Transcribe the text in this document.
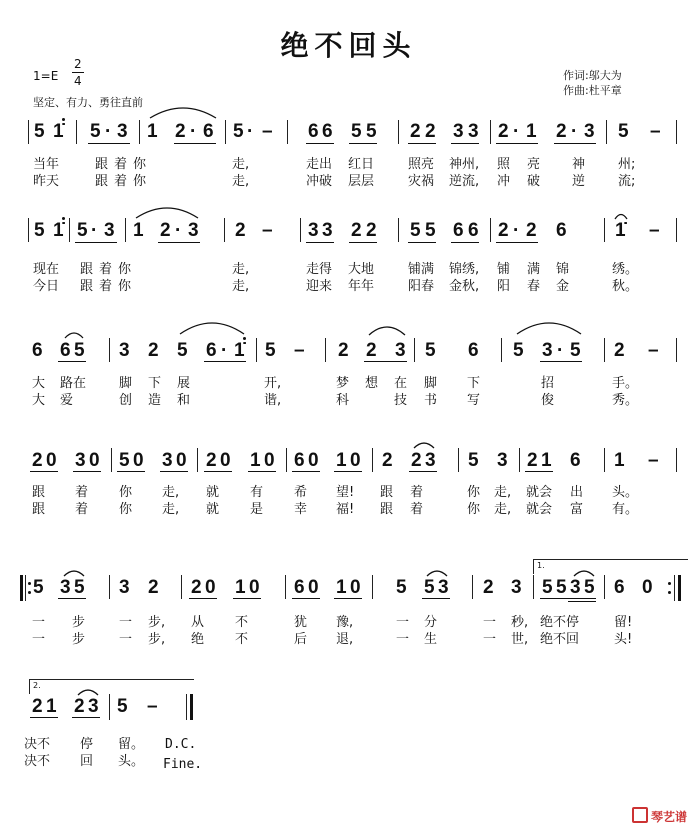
绝不回头
1=E
2
4
坚定、有力、勇往直前
作词:邬大为
作曲:杜平章
5 1̇ 5 · 3 1 2 · 6 5 · – 6 6 5 5 2 2 3 3 2 · 1 2 · 3 5 –
当年	跟着你	走,	走出 红日	照亮 神州, 照 亮 神	州;
昨天	跟着你	走,	冲破 层层	灾祸 逆流, 冲 破 逆	流;
5 1̇ 5 · 3 1 2 · 3 2 – 3 3 2 2 5 5 6 6 2 · 2 6	1̇ –
现在 跟着你	走,	走得 大地	铺满 锦绣, 铺 满 锦	绣。
今日 跟着你	走,	迎来 年年	阳春 金秋, 阳 春 金	秋。
6 6 5 3 2 5 6 · 1̇ 5 – 2 2 3 5 6 5 3 · 5 2 –
大 路在	脚 下 展	开,	梦 想 在 脚 下	招	手。
大 爱	创 造 和	谐,	科	技 书 写	俊	秀。
2 0 3 0 5 0 3 0 2 0 1 0 6 0 1 0 2 2 3 5 3 2 1 6 1 –
跟 着 你 走, 就 有 希 望! 跟 着	你 走, 就会 出 头。
跟 着 你 走, 就 是 幸 福! 跟 着	你 走, 就会 富 有。
1.
5 3 5 3 2 2 0 1 0 6 0 1 0 5 5 3 2 3 5 5 3 5 6 0
一 步	一 步, 从 不	犹 豫,	一 分	一 秒, 绝不停	留!
一 步	一 步, 绝 不	后 退,	一 生	一 世, 绝不回	头!
2.
2 1 2 3 5 –
决不 停 留。 D.C.
决不 回 头。 Fine.
琴艺谱
